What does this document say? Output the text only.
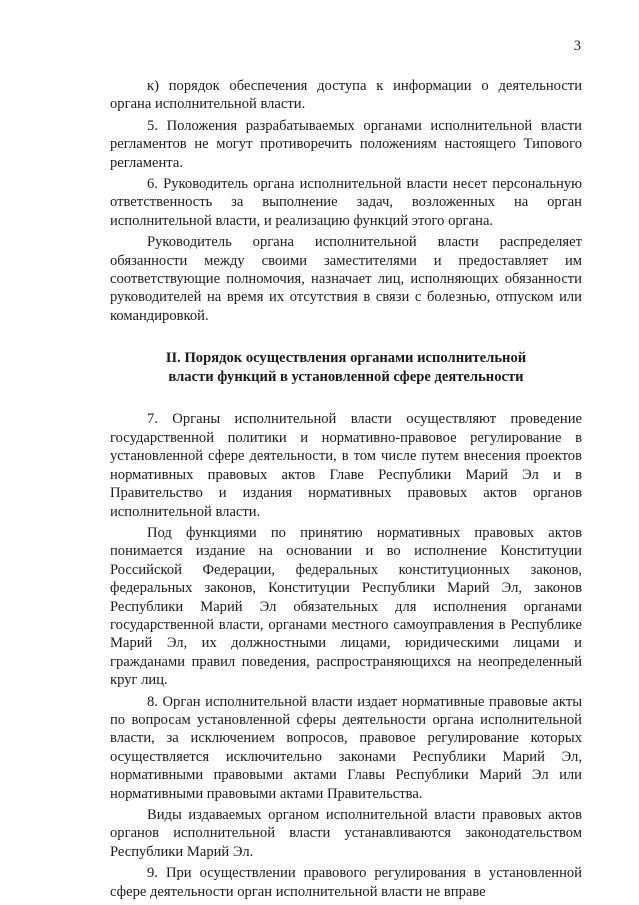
3

к) порядок обеспечения доступа к информации о деятельности органа исполнительной власти.

5. Положения разрабатываемых органами исполнительной власти регламентов не могут противоречить положениям настоящего Типового регламента.

6. Руководитель органа исполнительной власти несет персональную ответственность за выполнение задач, возложенных на орган исполнительной власти, и реализацию функций этого органа.

Руководитель органа исполнительной власти распределяет обязанности между своими заместителями и предоставляет им соответствующие полномочия, назначает лиц, исполняющих обязанности руководителей на время их отсутствия в связи с болезнью, отпуском или командировкой.

II. Порядок осуществления органами исполнительной
власти функций в установленной сфере деятельности

7. Органы исполнительной власти осуществляют проведение государственной политики и нормативно-правовое регулирование в установленной сфере деятельности, в том числе путем внесения проектов нормативных правовых актов Главе Республики Марий Эл и в Правительство и издания нормативных правовых актов органов исполнительной власти.

Под функциями по принятию нормативных правовых актов понимается издание на основании и во исполнение Конституции Российской Федерации, федеральных конституционных законов, федеральных законов, Конституции Республики Марий Эл, законов Республики Марий Эл обязательных для исполнения органами государственной власти, органами местного самоуправления в Республике Марий Эл, их должностными лицами, юридическими лицами и гражданами правил поведения, распространяющихся на неопределенный круг лиц.

8. Орган исполнительной власти издает нормативные правовые акты по вопросам установленной сферы деятельности органа исполнительной власти, за исключением вопросов, правовое регулирование которых осуществляется исключительно законами Республики Марий Эл, нормативными правовыми актами Главы Республики Марий Эл или нормативными правовыми актами Правительства.

Виды издаваемых органом исполнительной власти правовых актов органов исполнительной власти устанавливаются законодательством Республики Марий Эл.

9. При осуществлении правового регулирования в установленной сфере деятельности орган исполнительной власти не вправе
